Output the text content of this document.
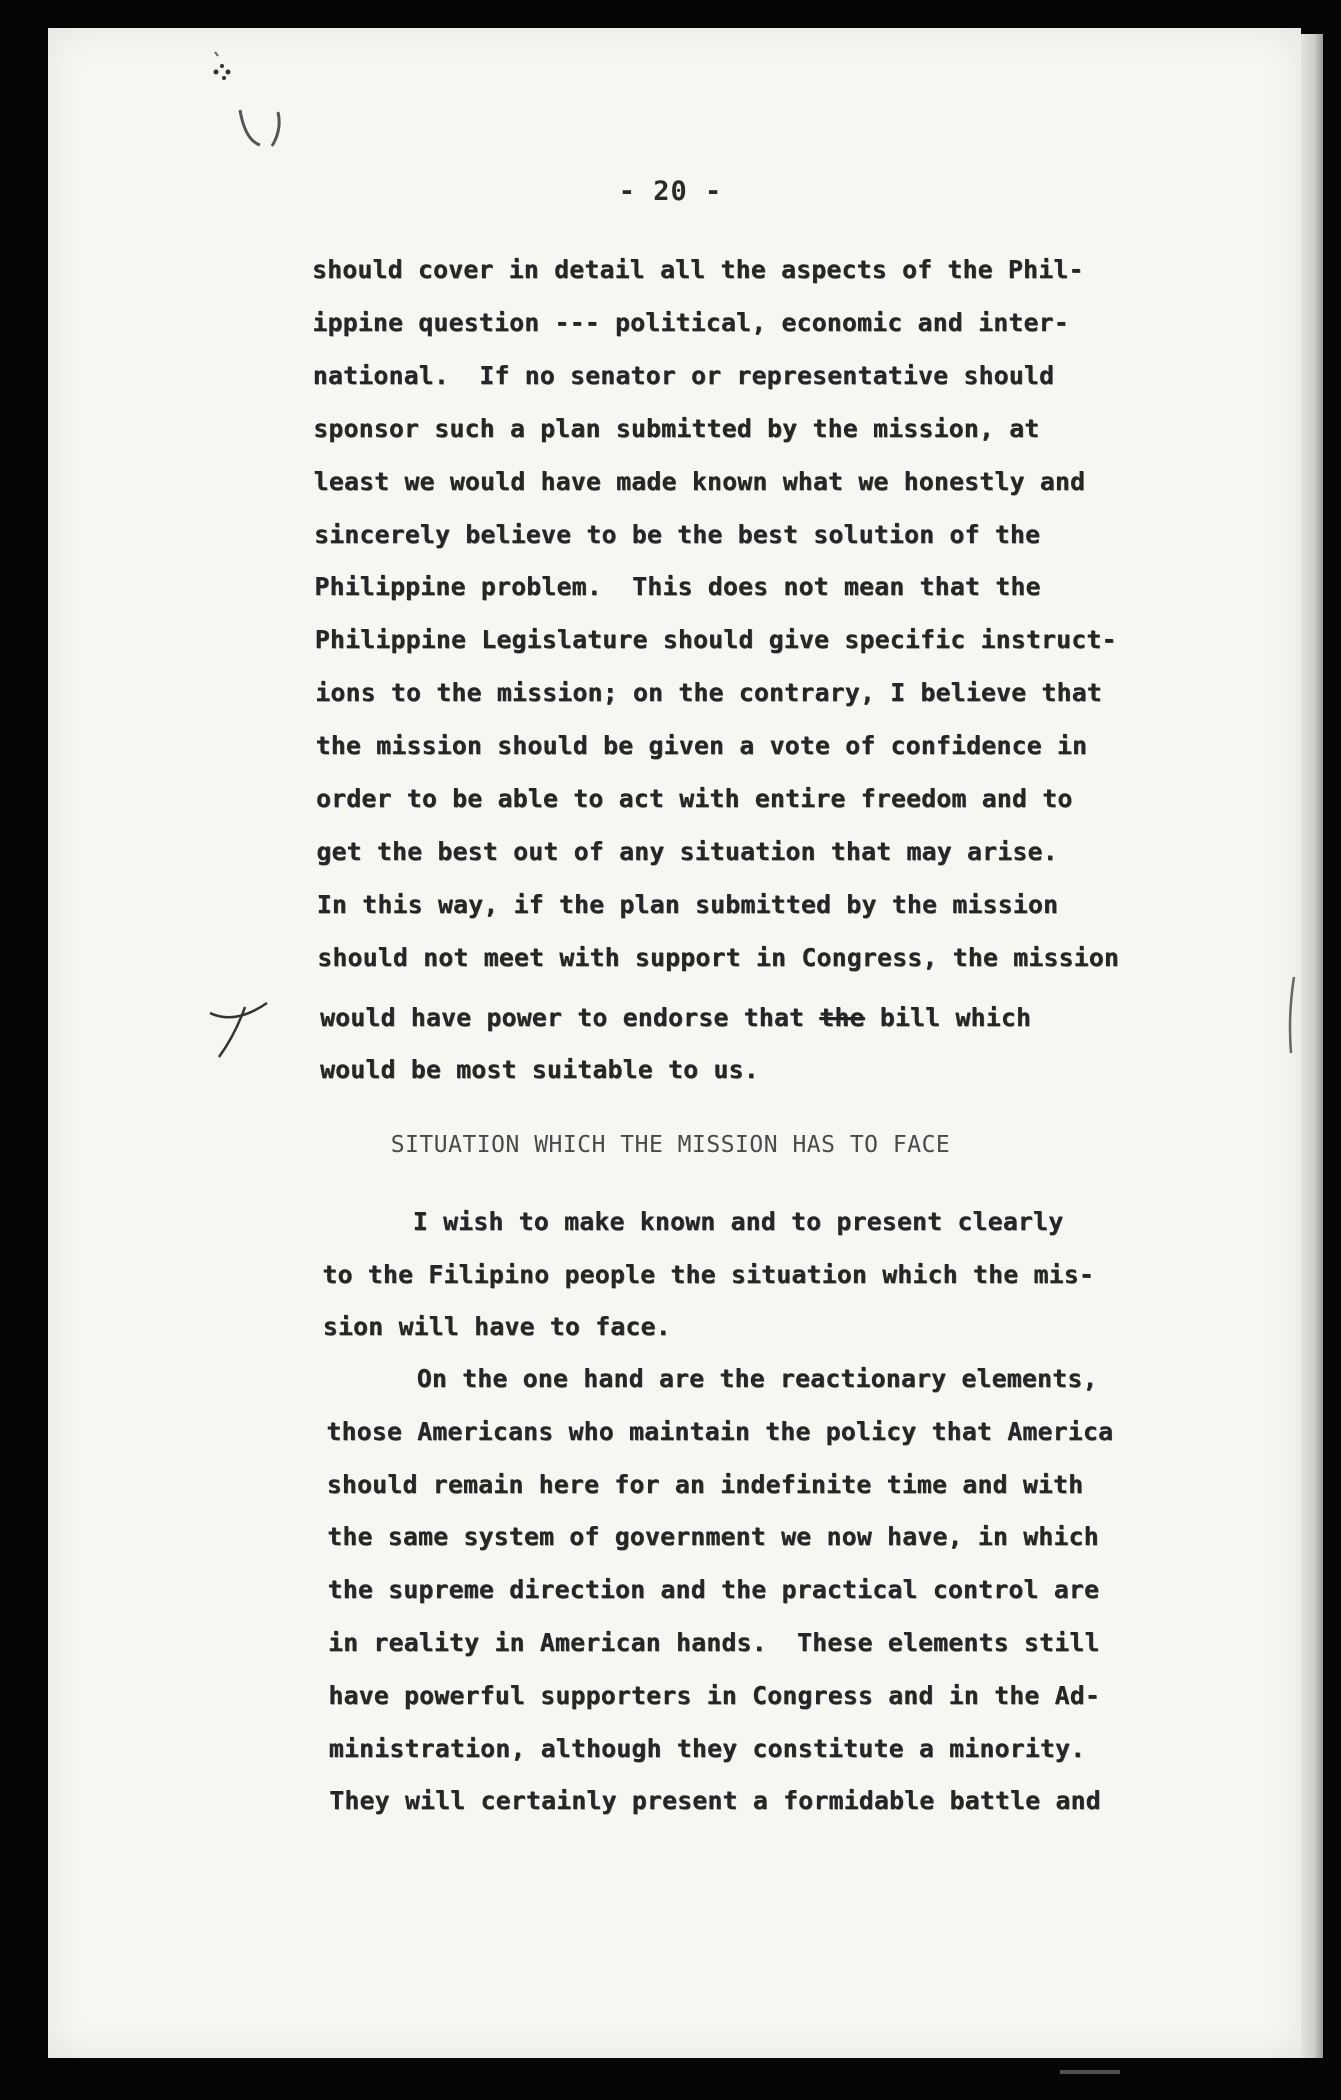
- 20 -
should cover in detail all the aspects of the Phil-
ippine question --- political, economic and inter-
national.  If no senator or representative should
sponsor such a plan submitted by the mission, at
least we would have made known what we honestly and
sincerely believe to be the best solution of the
Philippine problem.  This does not mean that the
Philippine Legislature should give specific instruct-
ions to the mission; on the contrary, I believe that
the mission should be given a vote of confidence in
order to be able to act with entire freedom and to
get the best out of any situation that may arise.
In this way, if the plan submitted by the mission
should not meet with support in Congress, the mission
I wish to make known and to present clearly
to the Filipino people the situation which the mis-
sion will have to face.
On the one hand are the reactionary elements,
those Americans who maintain the policy that America
should remain here for an indefinite time and with
the same system of government we now have, in which
the supreme direction and the practical control are
in reality in American hands.  These elements still
have powerful supporters in Congress and in the Ad-
ministration, although they constitute a minority.
They will certainly present a formidable battle and
would have power to endorse that the bill which
would be most suitable to us.
SITUATION WHICH THE MISSION HAS TO FACE
